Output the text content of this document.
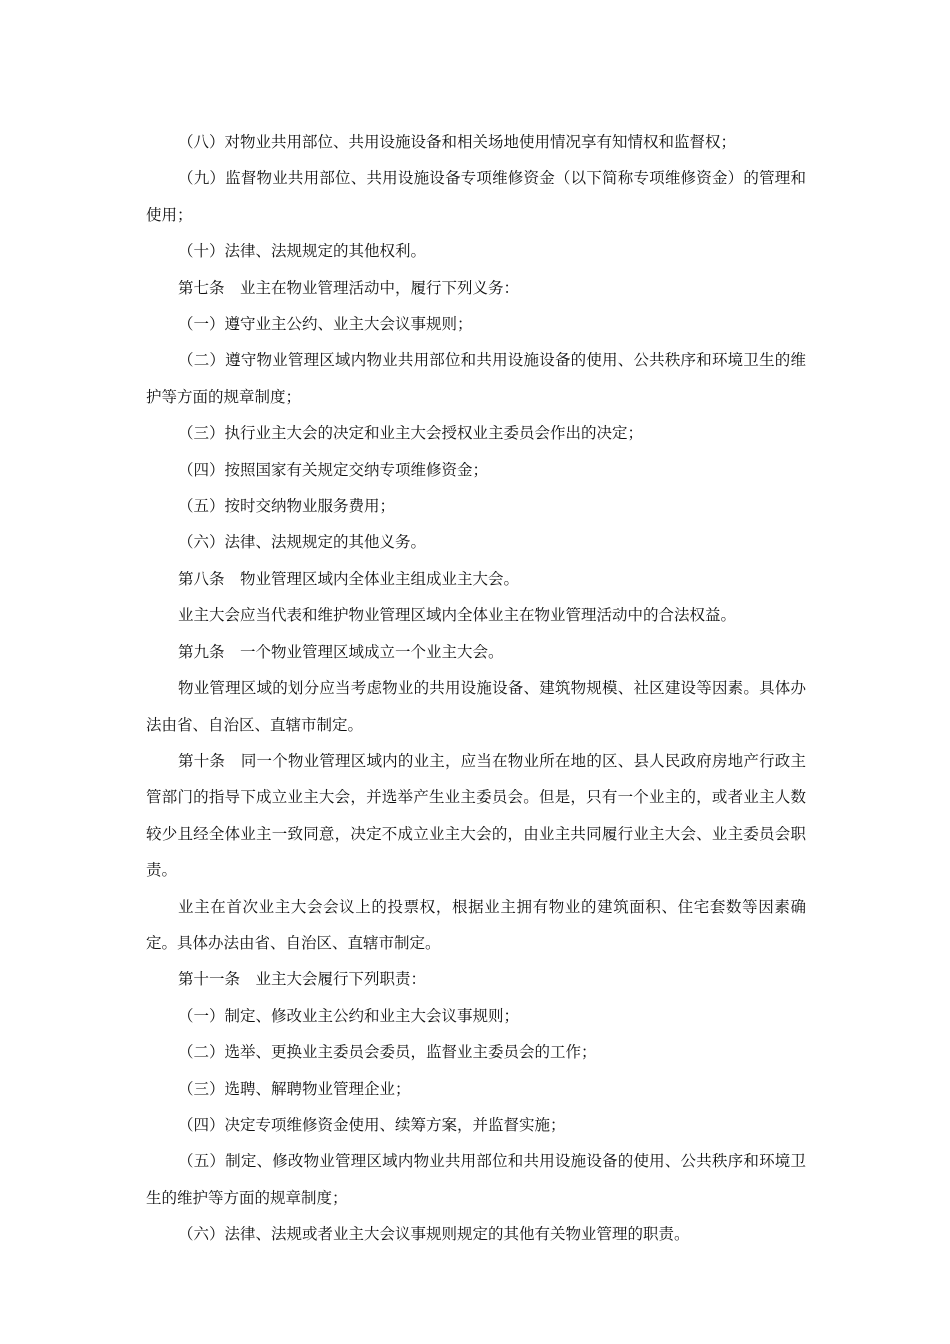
（八）对物业共用部位、共用设施设备和相关场地使用情况享有知情权和监督权；

（九）监督物业共用部位、共用设施设备专项维修资金（以下简称专项维修资金）的管理和使用；

（十）法律、法规规定的其他权利。

第七条　业主在物业管理活动中，履行下列义务：

（一）遵守业主公约、业主大会议事规则；

（二）遵守物业管理区域内物业共用部位和共用设施设备的使用、公共秩序和环境卫生的维护等方面的规章制度；

（三）执行业主大会的决定和业主大会授权业主委员会作出的决定；

（四）按照国家有关规定交纳专项维修资金；

（五）按时交纳物业服务费用；

（六）法律、法规规定的其他义务。

第八条　物业管理区域内全体业主组成业主大会。

业主大会应当代表和维护物业管理区域内全体业主在物业管理活动中的合法权益。

第九条　一个物业管理区域成立一个业主大会。

物业管理区域的划分应当考虑物业的共用设施设备、建筑物规模、社区建设等因素。具体办法由省、自治区、直辖市制定。

第十条　同一个物业管理区域内的业主，应当在物业所在地的区、县人民政府房地产行政主管部门的指导下成立业主大会，并选举产生业主委员会。但是，只有一个业主的，或者业主人数较少且经全体业主一致同意，决定不成立业主大会的，由业主共同履行业主大会、业主委员会职责。

业主在首次业主大会会议上的投票权，根据业主拥有物业的建筑面积、住宅套数等因素确定。具体办法由省、自治区、直辖市制定。

第十一条　业主大会履行下列职责：

（一）制定、修改业主公约和业主大会议事规则；

（二）选举、更换业主委员会委员，监督业主委员会的工作；

（三）选聘、解聘物业管理企业；

（四）决定专项维修资金使用、续筹方案，并监督实施；

（五）制定、修改物业管理区域内物业共用部位和共用设施设备的使用、公共秩序和环境卫生的维护等方面的规章制度；

（六）法律、法规或者业主大会议事规则规定的其他有关物业管理的职责。
